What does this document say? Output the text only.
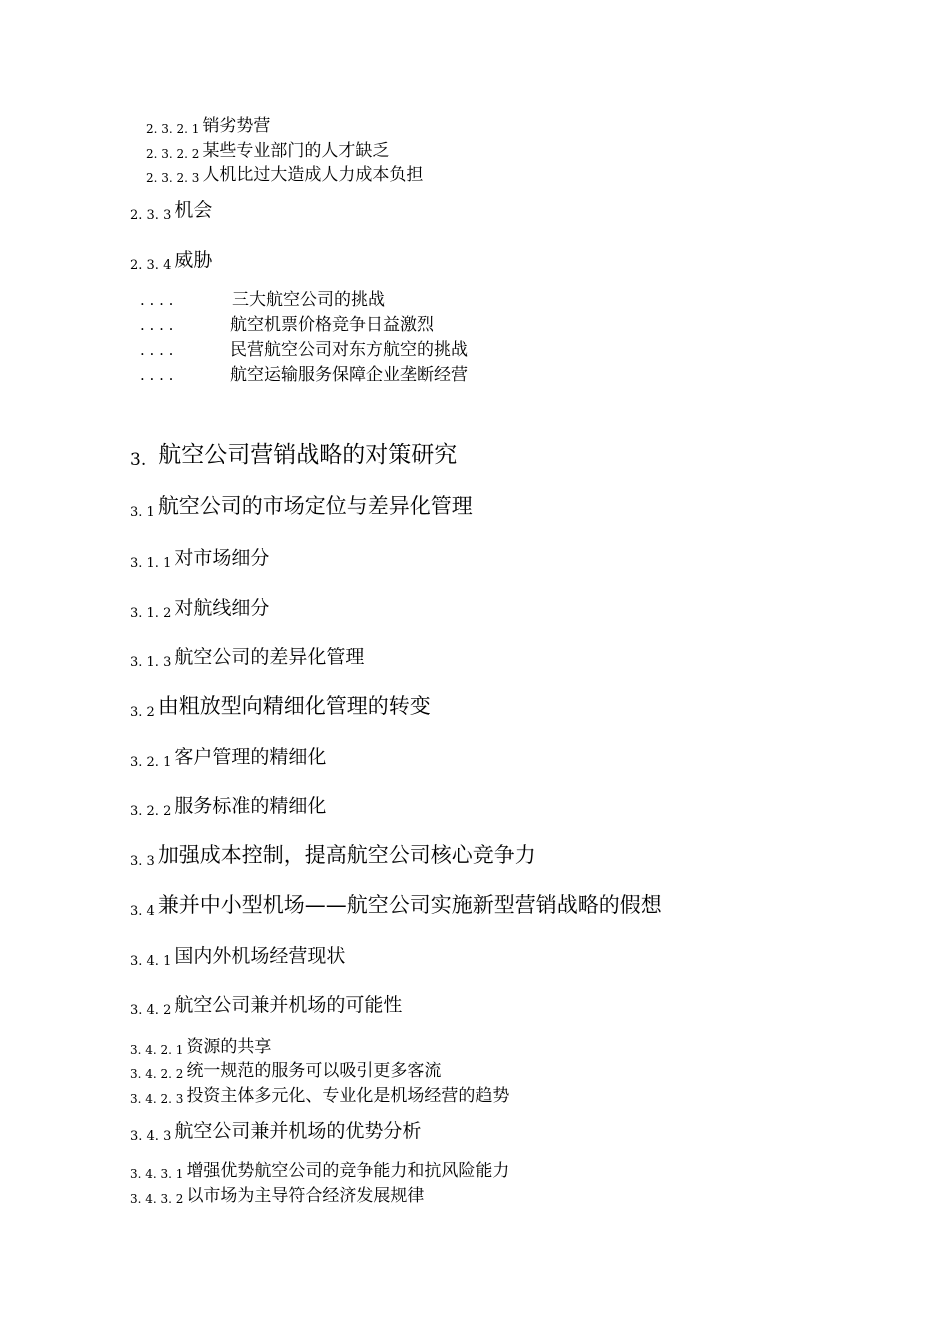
2. 3. 2. 1 销劣势营
2. 3. 2. 2 某些专业部门的人才缺乏
2. 3. 2. 3 人机比过大造成人力成本负担
2. 3. 3 机会
2. 3. 4 威胁
. . . .	三大航空公司的挑战
. . . .	航空机票价格竞争日益激烈
. . . .	民营航空公司对东方航空的挑战
. . . .	航空运输服务保障企业垄断经营
3. 航空公司营销战略的对策研究
3. 1 航空公司的市场定位与差异化管理
3. 1. 1 对市场细分
3. 1. 2 对航线细分
3. 1. 3 航空公司的差异化管理
3. 2 由粗放型向精细化管理的转变
3. 2. 1 客户管理的精细化
3. 2. 2 服务标准的精细化
3. 3 加强成本控制，提高航空公司核心竞争力
3. 4 兼并中小型机场——航空公司实施新型营销战略的假想
3. 4. 1 国内外机场经营现状
3. 4. 2 航空公司兼并机场的可能性
3. 4. 2. 1 资源的共享
3. 4. 2. 2 统一规范的服务可以吸引更多客流
3. 4. 2. 3 投资主体多元化、专业化是机场经营的趋势
3. 4. 3 航空公司兼并机场的优势分析
3. 4. 3. 1 增强优势航空公司的竞争能力和抗风险能力
3. 4. 3. 2 以市场为主导符合经济发展规律
